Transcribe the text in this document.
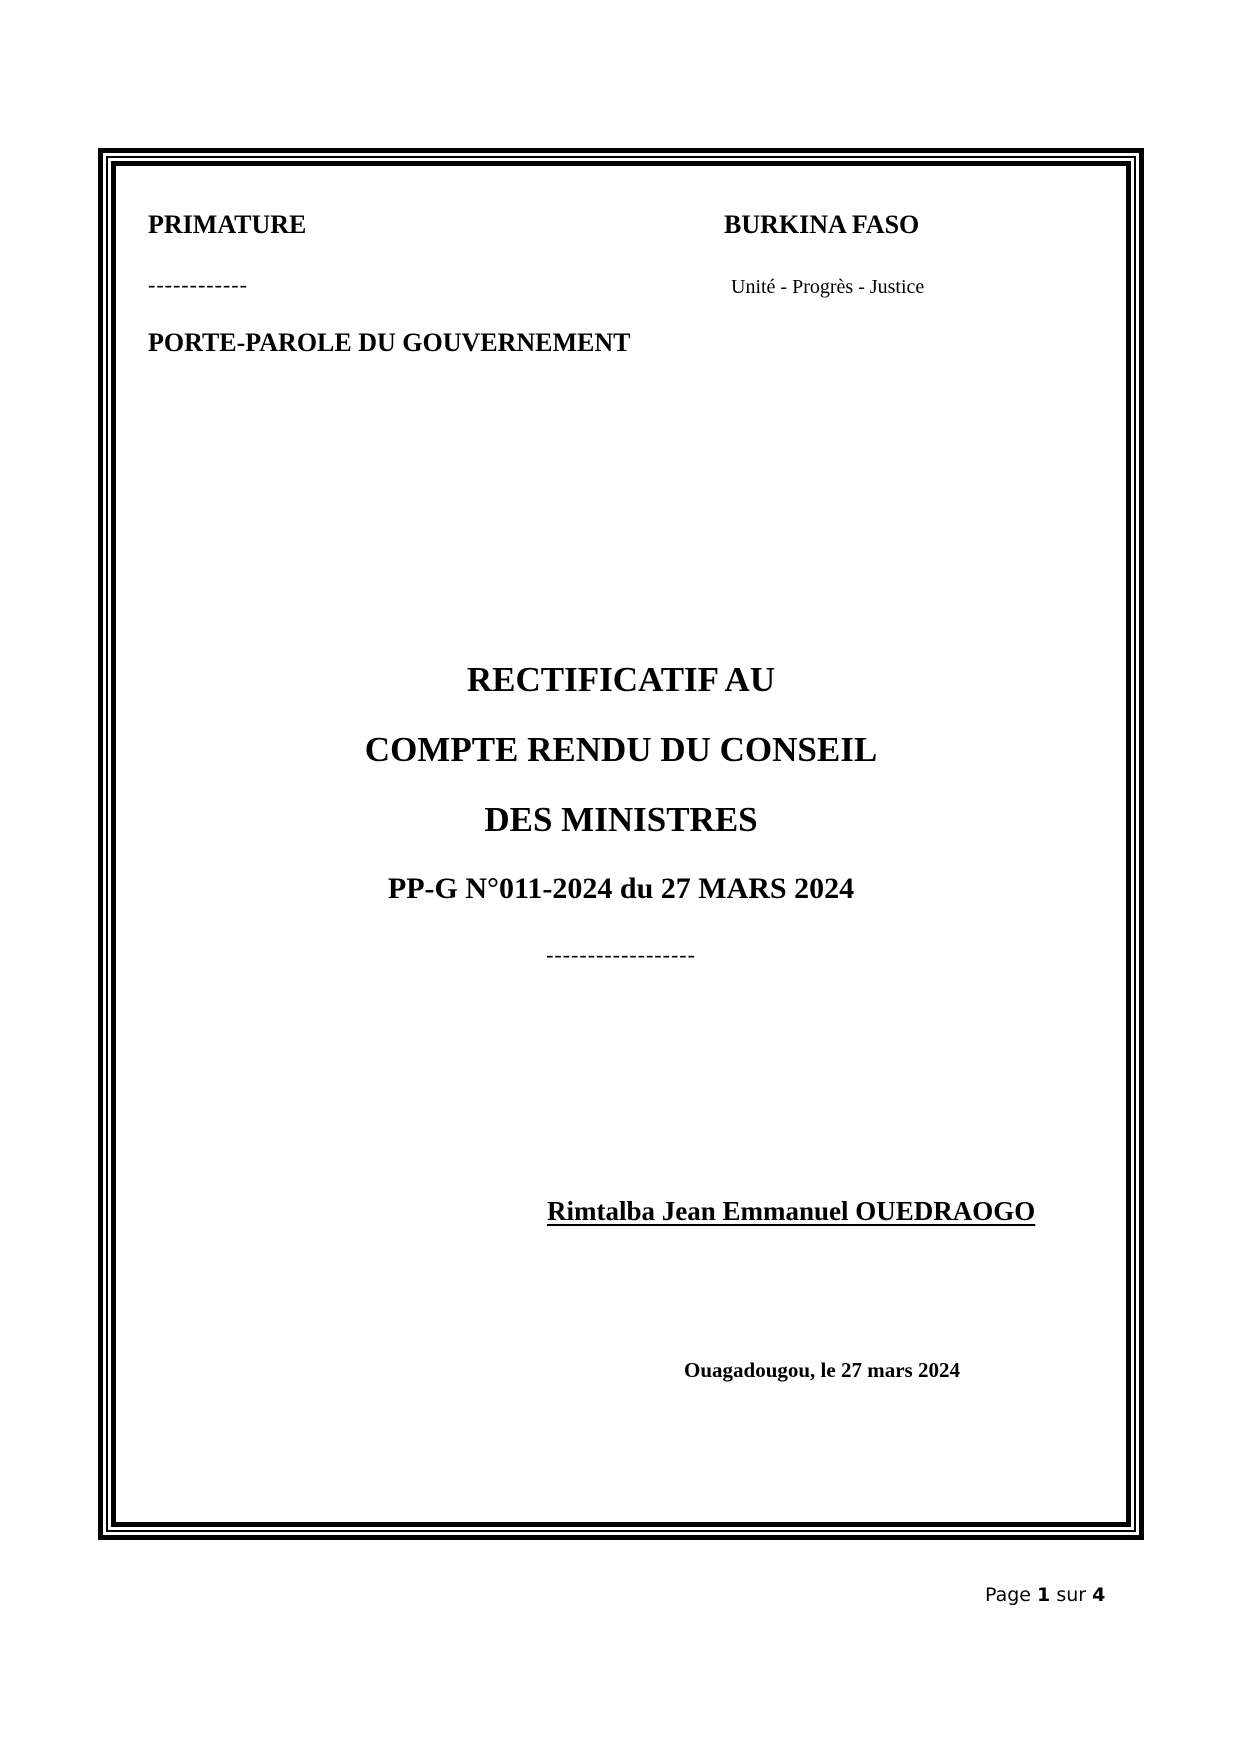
PRIMATURE

------------

PORTE-PAROLE DU GOUVERNEMENT

BURKINA FASO

Unité - Progrès - Justice

RECTIFICATIF AU

COMPTE RENDU DU CONSEIL

DES MINISTRES

PP-G N°011-2024 du 27 MARS 2024

------------------

Rimtalba Jean Emmanuel OUEDRAOGO

Ouagadougou, le 27 mars 2024

Page 1 sur 4
